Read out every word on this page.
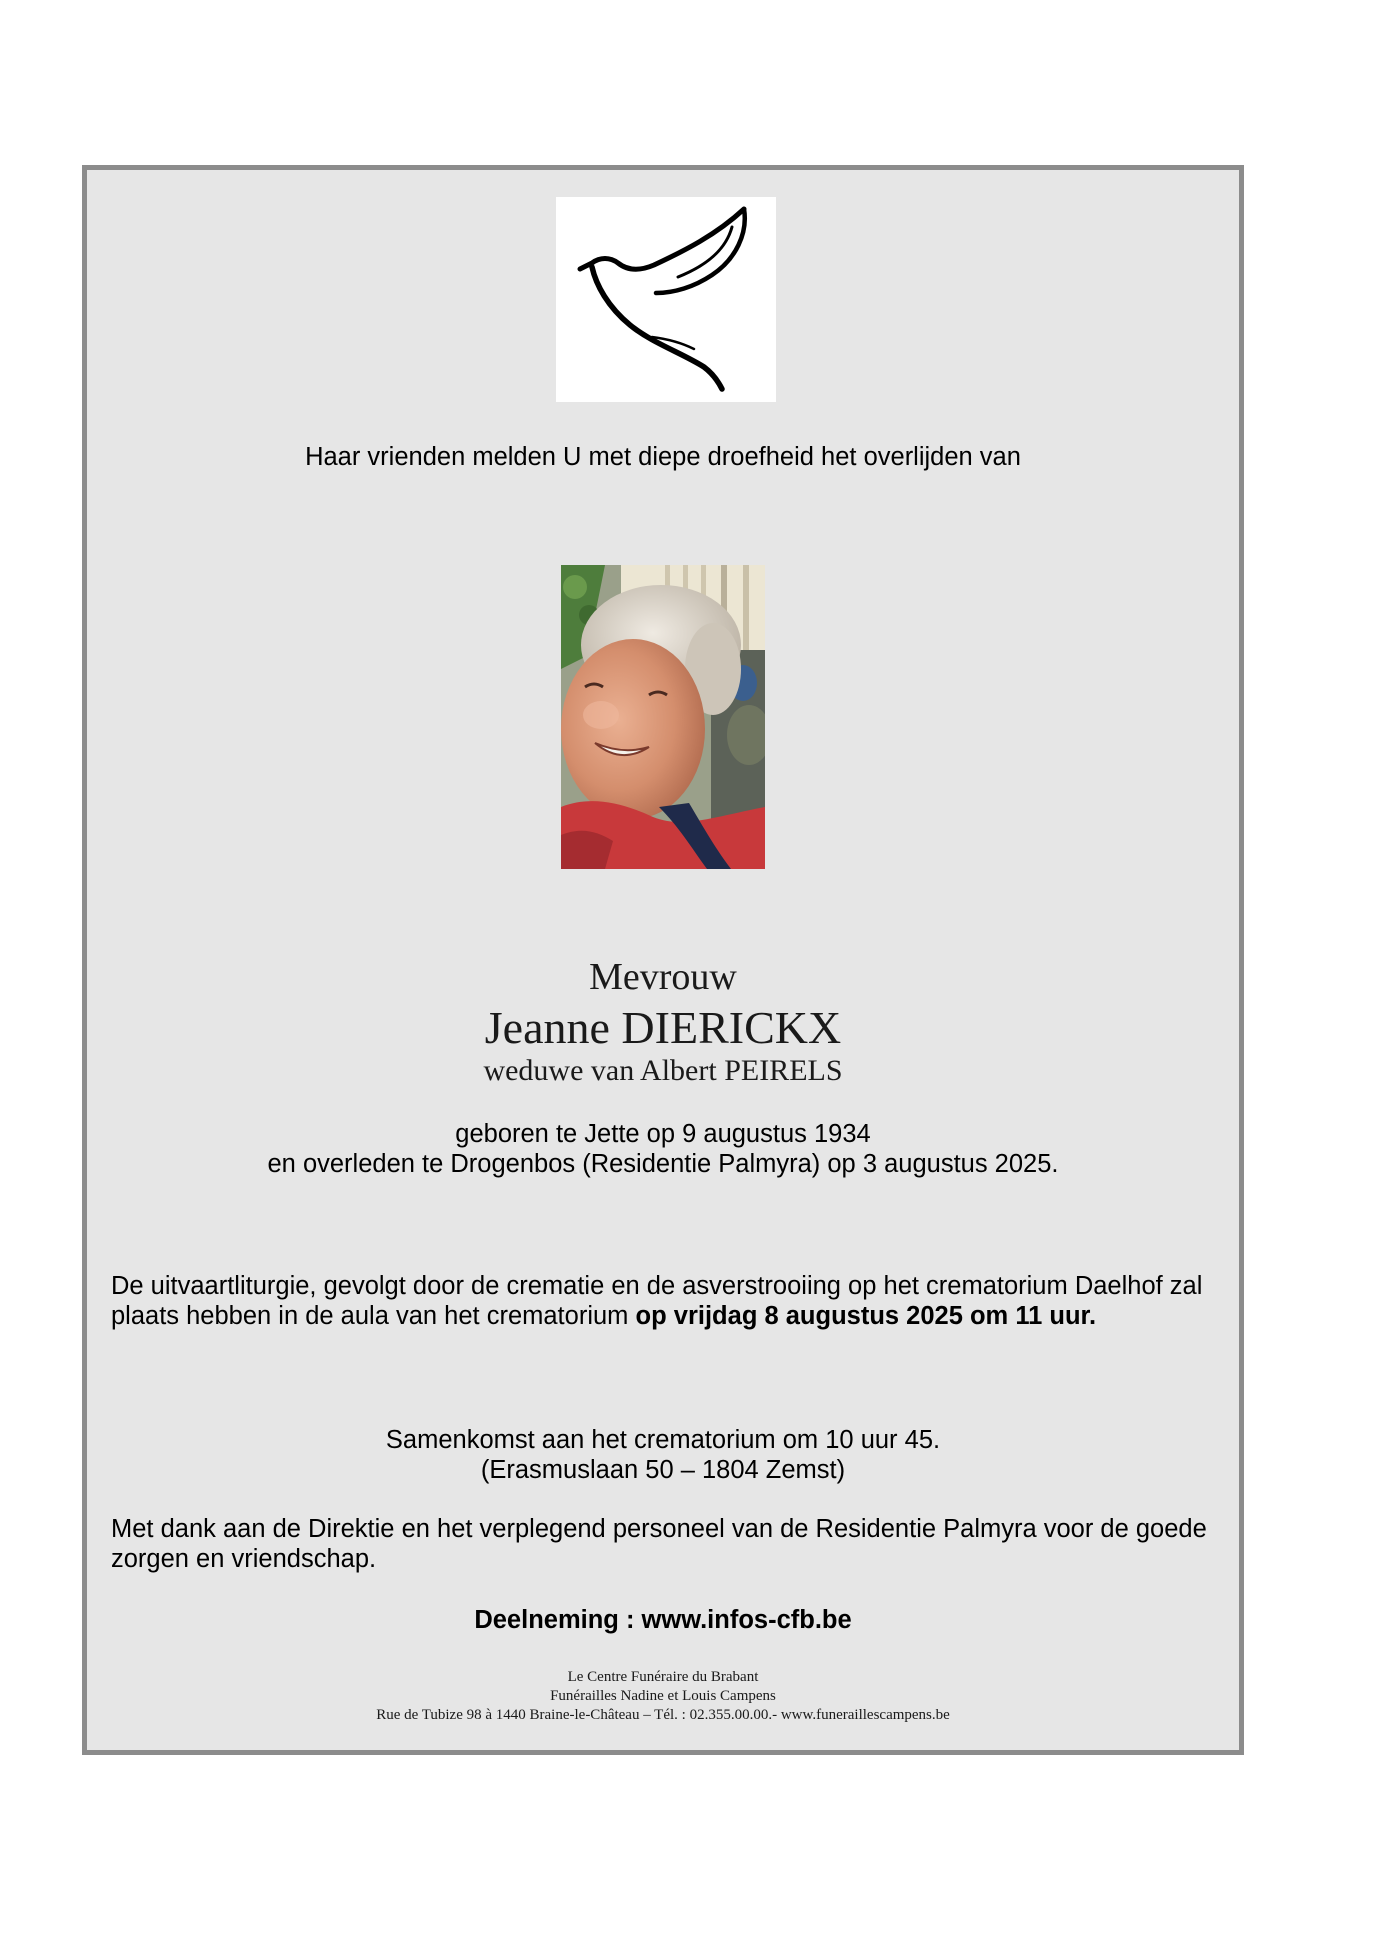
Haar vrienden melden U met diepe droefheid het overlijden van
Mevrouw
Jeanne DIERICKX
weduwe van Albert PEIRELS
geboren te Jette op 9 augustus 1934
en overleden te Drogenbos (Residentie Palmyra) op 3 augustus 2025.
De uitvaartliturgie, gevolgt door de crematie en de asverstrooiing op het crematorium Daelhof zal
plaats hebben in de aula van het crematorium op vrijdag 8 augustus 2025 om 11 uur.
Samenkomst aan het crematorium om 10 uur 45.
(Erasmuslaan 50 – 1804 Zemst)
Met dank aan de Direktie en het verplegend personeel van de Residentie Palmyra voor de goede
zorgen en vriendschap.
Deelneming : www.infos-cfb.be
Le Centre Funéraire du Brabant
Funérailles Nadine et Louis Campens
Rue de Tubize 98 à 1440 Braine-le-Château – Tél. : 02.355.00.00.- www.funeraillescampens.be
